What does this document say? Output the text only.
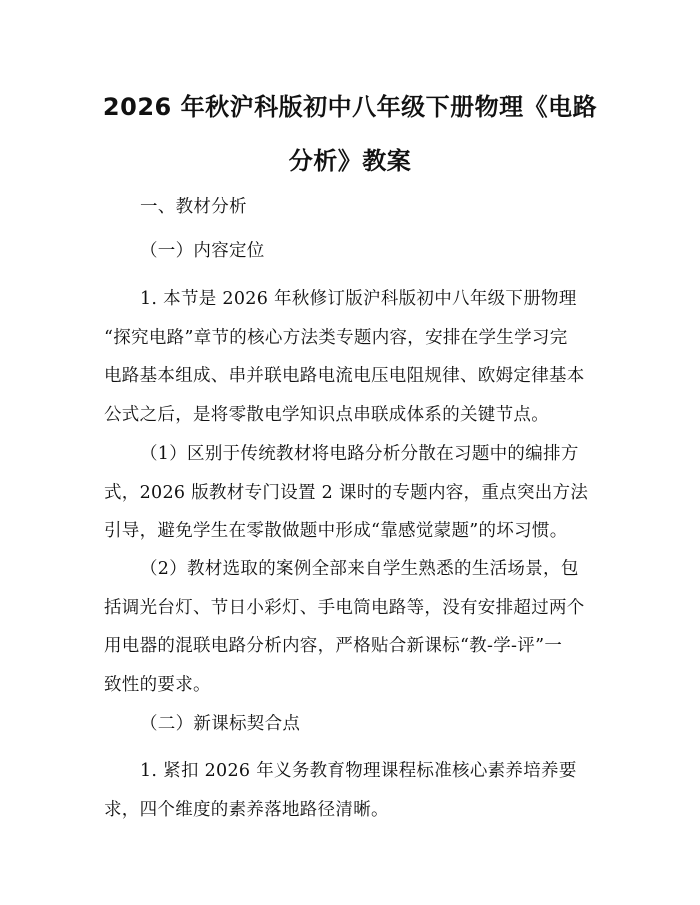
2026 年秋沪科版初中八年级下册物理《电路
分析》教案

一、教材分析

（一）内容定位

1. 本节是 2026 年秋修订版沪科版初中八年级下册物理
“探究电路”章节的核心方法类专题内容，安排在学生学习完
电路基本组成、串并联电路电流电压电阻规律、欧姆定律基本
公式之后，是将零散电学知识点串联成体系的关键节点。

（1）区别于传统教材将电路分析分散在习题中的编排方
式，2026 版教材专门设置 2 课时的专题内容，重点突出方法
引导，避免学生在零散做题中形成“靠感觉蒙题”的坏习惯。

（2）教材选取的案例全部来自学生熟悉的生活场景，包
括调光台灯、节日小彩灯、手电筒电路等，没有安排超过两个
用电器的混联电路分析内容，严格贴合新课标“教-学-评”一
致性的要求。

（二）新课标契合点

1. 紧扣 2026 年义务教育物理课程标准核心素养培养要
求，四个维度的素养落地路径清晰。
